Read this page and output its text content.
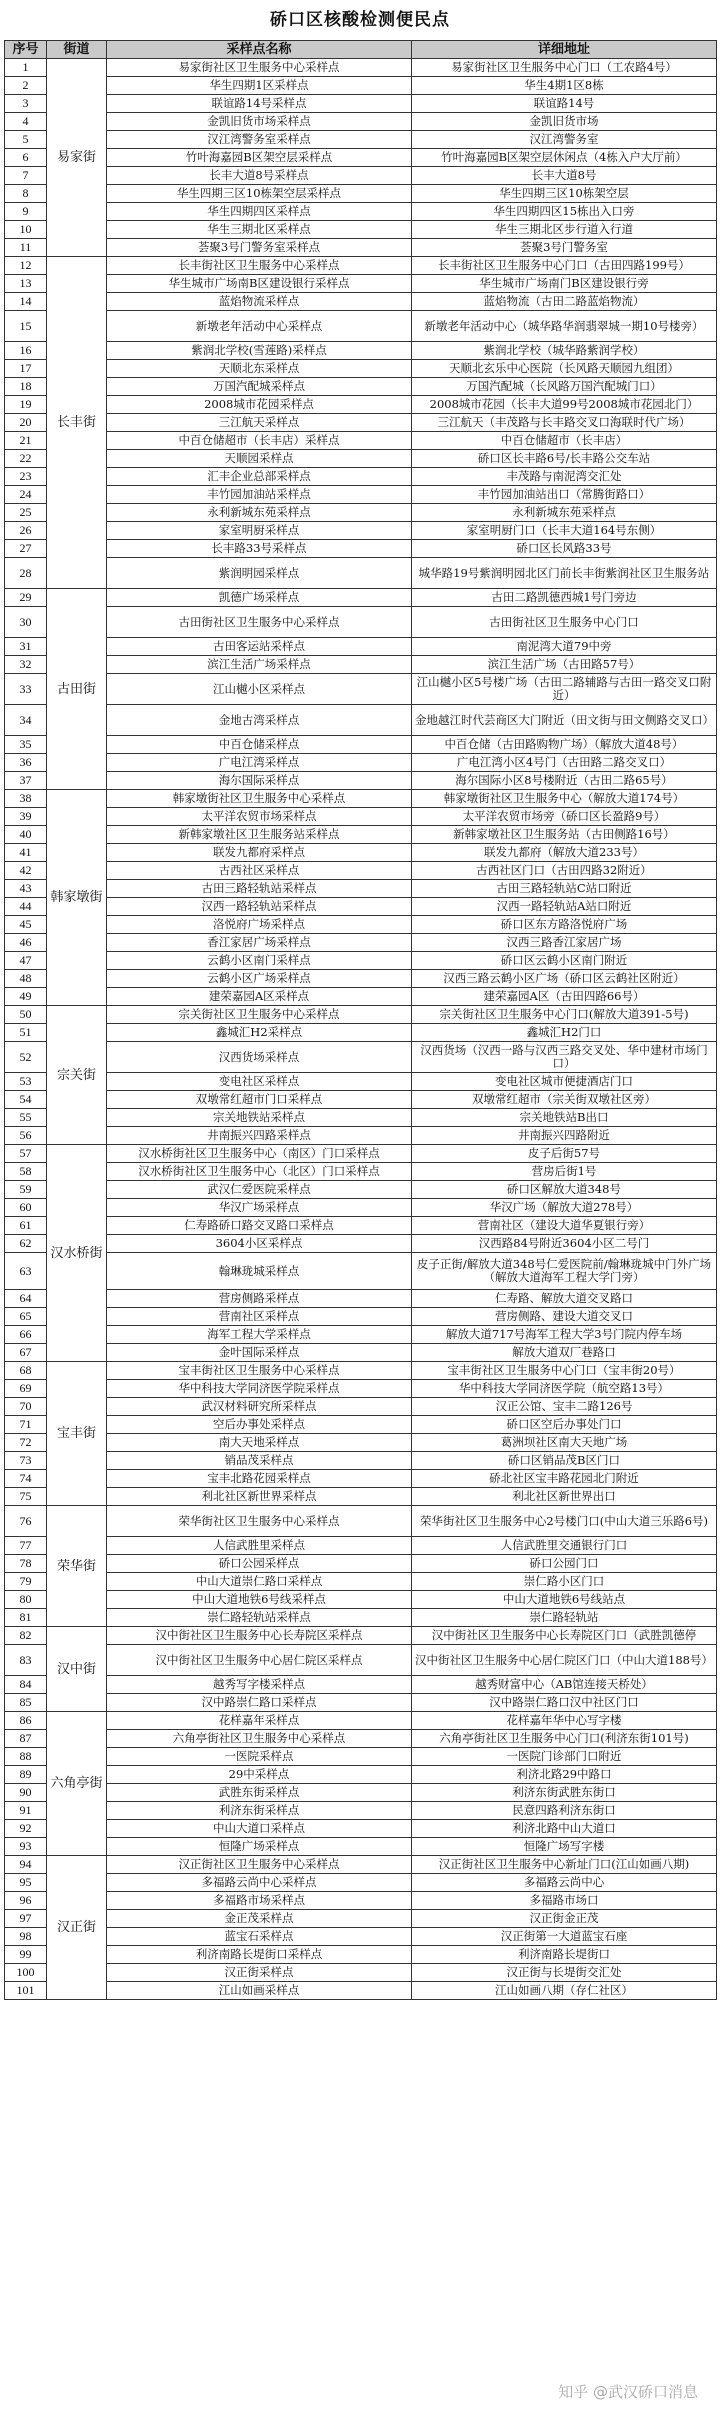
硚口区核酸检测便民点
序号	街道	采样点名称	详细地址
1	易家街	易家街社区卫生服务中心采样点	易家街社区卫生服务中心门口（工农路4号）
2		华生四期1区采样点	华生4期1区8栋
3		联谊路14号采样点	联谊路14号
4		金凯旧货市场采样点	金凯旧货市场
5		汉江湾警务室采样点	汉江湾警务室
6		竹叶海嘉园B区架空层采样点	竹叶海嘉园B区架空层休闲点（4栋入户大厅前）
7		长丰大道8号采样点	长丰大道8号
8		华生四期三区10栋架空层采样点	华生四期三区10栋架空层
9		华生四期四区采样点	华生四期四区15栋出入口旁
10		华生三期北区采样点	华生三期北区步行道入行道
11		荟聚3号门警务室采样点	荟聚3号门警务室
12	长丰街	长丰街社区卫生服务中心采样点	长丰街社区卫生服务中心门口（古田四路199号）
13		华生城市广场南B区建设银行采样点	华生城市广场南门B区建设银行旁
14		蓝焰物流采样点	蓝焰物流（古田二路蓝焰物流）
15		新墩老年活动中心采样点	新墩老年活动中心（城华路华润翡翠城一期10号楼旁）
16		紫润北学校(雪莲路)采样点	紫润北学校（城华路紫润学校）
17		天顺北东采样点	天顺北玄乐中心医院（长风路天顺园九组团）
18		万国汽配城采样点	万国汽配城（长风路万国汽配城门口）
19		2008城市花园采样点	2008城市花园（长丰大道99号2008城市花园北门）
20		三江航天采样点	三江航天（丰茂路与长丰路交叉口海联时代广场）
21		中百仓储超市（长丰店）采样点	中百仓储超市（长丰店）
22		天顺园采样点	硚口区长丰路6号/长丰路公交车站
23		汇丰企业总部采样点	丰茂路与南泥湾交汇处
24		丰竹园加油站采样点	丰竹园加油站出口（常腾街路口）
25		永利新城东苑采样点	永利新城东苑采样点
26		家室明厨采样点	家室明厨门口（长丰大道164号东侧）
27		长丰路33号采样点	硚口区长风路33号
28		紫润明园采样点	城华路19号紫润明园北区门前长丰街紫润社区卫生服务站
29	古田街	凯德广场采样点	古田二路凯德西城1号门旁边
30		古田街社区卫生服务中心采样点	古田街社区卫生服务中心门口
31		古田客运站采样点	南泥湾大道79中旁
32		滨江生活广场采样点	滨江生活广场（古田路57号）
33		江山樾小区采样点	江山樾小区5号楼广场（古田二路辅路与古田一路交叉口附近）
34		金地古湾采样点	金地越江时代芸商区大门附近（田文街与田文侧路交叉口）
35		中百仓储采样点	中百仓储（古田路购物广场）（解放大道48号）
36		广电江湾采样点	广电江湾小区4号门（古田路二路交叉口）
37		海尔国际采样点	海尔国际小区8号楼附近（古田二路65号）
38	韩家墩街	韩家墩街社区卫生服务中心采样点	韩家墩街社区卫生服务中心（解放大道174号）
39		太平洋农贸市场采样点	太平洋农贸市场旁（硚口区长盈路9号）
40		新韩家墩社区卫生服务站采样点	新韩家墩社区卫生服务站（古田侧路16号）
41		联发九都府采样点	联发九都府（解放大道233号）
42		古西社区采样点	古西社区门口（古田四路32附近）
43		古田三路轻轨站采样点	古田三路轻轨站C站口附近
44		汉西一路轻轨站采样点	汉西一路轻轨站A站口附近
45		洛悦府广场采样点	硚口区东方路洛悦府广场
46		香江家居广场采样点	汉西三路香江家居广场
47		云鹤小区南门采样点	硚口区云鹤小区南门附近
48		云鹤小区广场采样点	汉西三路云鹤小区广场（硚口区云鹤社区附近）
49		建荣嘉园A区采样点	建荣嘉园A区（古田四路66号）
50	宗关街	宗关街社区卫生服务中心采样点	宗关街社区卫生服务中心门口(解放大道391-5号)
51		鑫城汇H2采样点	鑫城汇H2门口
52		汉西货场采样点	汉西货场（汉西一路与汉西三路交叉处、华中建材市场门口）
53		变电社区采样点	变电社区城市便捷酒店门口
54		双墩常红超市门口采样点	双墩常红超市（宗关街双墩社区旁）
55		宗关地铁站采样点	宗关地铁站B出口
56		井南振兴四路采样点	井南振兴四路附近
57	汉水桥街	汉水桥街社区卫生服务中心（南区）门口采样点	皮子后街57号
58		汉水桥街社区卫生服务中心（北区）门口采样点	营房后街1号
59		武汉仁爱医院采样点	硚口区解放大道348号
60		华汉广场采样点	华汉广场（解放大道278号）
61		仁寿路硚口路交叉路口采样点	营南社区（建设大道华夏银行旁）
62		3604小区采样点	汉西路84号附近3604小区二号门
63		翰琳珑城采样点	皮子正街/解放大道348号仁爱医院前/翰琳珑城中门外广场（解放大道海军工程大学门旁）
64		营房侧路采样点	仁寿路、解放大道交叉路口
65		营南社区采样点	营房侧路、建设大道交叉口
66		海军工程大学采样点	解放大道717号海军工程大学3号门院内停车场
67		金叶国际采样点	解放大道双厂巷路口
68	宝丰街	宝丰街社区卫生服务中心采样点	宝丰街社区卫生服务中心门口（宝丰街20号）
69		华中科技大学同济医学院采样点	华中科技大学同济医学院（航空路13号）
70		武汉材料研究所采样点	汉正公馆、宝丰二路126号
71		空后办事处采样点	硚口区空后办事处门口
72		南大天地采样点	葛洲坝社区南大天地广场
73		销品茂采样点	硚口区销品茂B区门口
74		宝丰北路花园采样点	硚北社区宝丰路花园北门附近
75		利北社区新世界采样点	利北社区新世界出口
76	荣华街	荣华街社区卫生服务中心采样点	荣华街社区卫生服务中心2号楼门口(中山大道三乐路6号)
77		人信武胜里采样点	人信武胜里交通银行门口
78		硚口公园采样点	硚口公园门口
79		中山大道崇仁路口采样点	崇仁路小区门口
80		中山大道地铁6号线采样点	中山大道地铁6号线站点
81		崇仁路轻轨站采样点	崇仁路轻轨站
82	汉中街	汉中街社区卫生服务中心长寿院区采样点	汉中街社区卫生服务中心长寿院区门口（武胜凯德停
83		汉中街社区卫生服务中心居仁院区采样点	汉中街社区卫生服务中心居仁院区门口（中山大道188号）
84		越秀写字楼采样点	越秀财富中心（AB馆连接天桥处）
85		汉中路崇仁路口采样点	汉中路崇仁路口汉中社区门口
86	六角亭街	花样嘉年采样点	花样嘉年华中心写字楼
87		六角亭街社区卫生服务中心采样点	六角亭街社区卫生服务中心门口(利济东街101号)
88		一医院采样点	一医院门诊部门口附近
89		29中采样点	利济北路29中路口
90		武胜东街采样点	利济东街武胜东街口
91		利济东街采样点	民意四路利济东街口
92		中山大道口采样点	利济北路中山大道口
93		恒隆广场采样点	恒隆广场写字楼
94	汉正街	汉正街社区卫生服务中心采样点	汉正街社区卫生服务中心新址门口(江山如画八期)
95		多福路云尚中心采样点	多福路云尚中心
96		多福路市场采样点	多福路市场口
97		金正茂采样点	汉正街金正茂
98		蓝宝石采样点	汉正街第一大道蓝宝石座
99		利济南路长堤街口采样点	利济南路长堤街口
100		汉正街采样点	汉正街与长堤街交汇处
101		江山如画采样点	江山如画八期（存仁社区）
知乎 @武汉硚口消息
